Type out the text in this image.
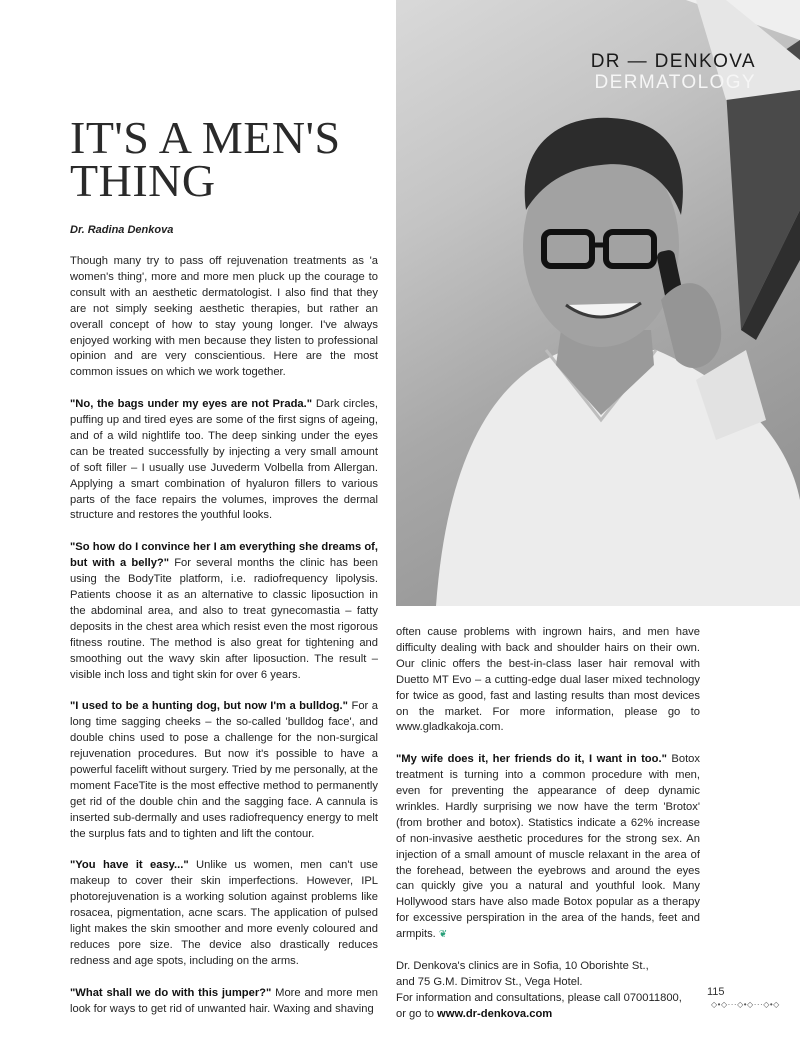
DR — DENKOVA
DERMATOLOGY
IT'S A MEN'S THING

Dr. Radina Denkova

Though many try to pass off rejuvenation treatments as 'a women's thing', more and more men pluck up the courage to consult with an aesthetic dermatologist. I also find that they are not simply seeking aesthetic therapies, but rather an overall concept of how to stay young longer. I've always enjoyed working with men because they listen to professional opinion and are very conscientious. Here are the most common issues on which we work together.

"No, the bags under my eyes are not Prada." Dark circles, puffing up and tired eyes are some of the first signs of ageing, and of a wild nightlife too. The deep sinking under the eyes can be treated successfully by injecting a very small amount of soft filler – I usually use Juvederm Volbella from Allergan. Applying a smart combination of hyaluron fillers to various parts of the face repairs the volumes, improves the dermal structure and restores the youthful looks.

"So how do I convince her I am everything she dreams of, but with a belly?" For several months the clinic has been using the BodyTite platform, i.e. radiofrequency lipolysis. Patients choose it as an alternative to classic liposuction in the abdominal area, and also to treat gynecomastia – fatty deposits in the chest area which resist even the most rigorous fitness routine. The method is also great for tightening and smoothing out the wavy skin after liposuction. The result – visible inch loss and tight skin for over 6 years.

"I used to be a hunting dog, but now I'm a bulldog." For a long time sagging cheeks – the so-called 'bulldog face', and double chins used to pose a challenge for the non-surgical rejuvenation procedures. But now it's possible to have a powerful facelift without surgery. Tried by me personally, at the moment FaceTite is the most effective method to permanently get rid of the double chin and the sagging face. A cannula is inserted sub-dermally and uses radiofrequency energy to melt the surplus fats and to tighten and lift the contour.

"You have it easy..." Unlike us women, men can't use makeup to cover their skin imperfections. However, IPL photorejuvenation is a working solution against problems like rosacea, pigmentation, acne scars. The application of pulsed light makes the skin smoother and more evenly coloured and reduces pore size. The device also drastically reduces redness and age spots, including on the arms.

"What shall we do with this jumper?" More and more men look for ways to get rid of unwanted hair. Waxing and shaving

often cause problems with ingrown hairs, and men have difficulty dealing with back and shoulder hairs on their own. Our clinic offers the best-in-class laser hair removal with Duetto MT Evo – a cutting-edge dual laser mixed technology for twice as good, fast and lasting results than most devices on the market. For more information, please go to www.gladkakoja.com.

"My wife does it, her friends do it, I want in too." Botox treatment is turning into a common procedure with men, even for preventing the appearance of deep dynamic wrinkles. Hardly surprising we now have the term 'Brotox' (from brother and botox). Statistics indicate a 62% increase of non-invasive aesthetic procedures for the strong sex. An injection of a small amount of muscle relaxant in the area of the forehead, between the eyebrows and around the eyes can quickly give you a natural and youthful look. Many Hollywood stars have also made Botox popular as a therapy for excessive perspiration in the area of the hands, feet and armpits. ❦

Dr. Denkova's clinics are in Sofia, 10 Oborishte St.,

and 75 G.M. Dimitrov St., Vega Hotel.

For information and consultations, please call 070011800,

or go to www.dr-denkova.com

115 ◇•◇···◇•◇···◇•◇
